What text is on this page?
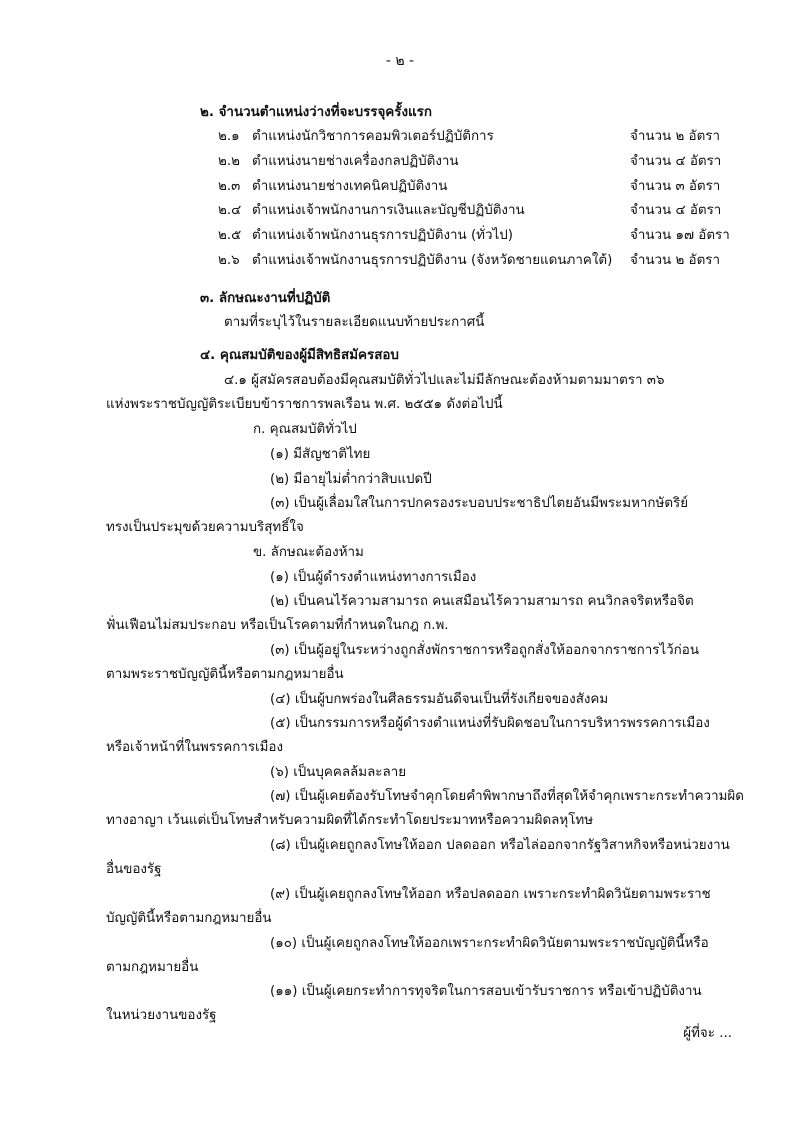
- ๒ -
๒. จำนวนตำแหน่งว่างที่จะบรรจุครั้งแรก
๒.๑ ตำแหน่งนักวิชาการคอมพิวเตอร์ปฏิบัติการ	จำนวน ๒ อัตรา
๒.๒ ตำแหน่งนายช่างเครื่องกลปฏิบัติงาน	จำนวน ๔ อัตรา
๒.๓ ตำแหน่งนายช่างเทคนิคปฏิบัติงาน	จำนวน ๓ อัตรา
๒.๔ ตำแหน่งเจ้าพนักงานการเงินและบัญชีปฏิบัติงาน	จำนวน ๔ อัตรา
๒.๕ ตำแหน่งเจ้าพนักงานธุรการปฏิบัติงาน (ทั่วไป)	จำนวน ๑๗ อัตรา
๒.๖ ตำแหน่งเจ้าพนักงานธุรการปฏิบัติงาน (จังหวัดชายแดนภาคใต้) จำนวน ๒ อัตรา
๓. ลักษณะงานที่ปฏิบัติ
ตามที่ระบุไว้ในรายละเอียดแนบท้ายประกาศนี้
๔. คุณสมบัติของผู้มีสิทธิสมัครสอบ
๔.๑ ผู้สมัครสอบต้องมีคุณสมบัติทั่วไปและไม่มีลักษณะต้องห้ามตามมาตรา ๓๖
แห่งพระราชบัญญัติระเบียบข้าราชการพลเรือน พ.ศ. ๒๕๕๑ ดังต่อไปนี้
ก. คุณสมบัติทั่วไป
(๑) มีสัญชาติไทย
(๒) มีอายุไม่ต่ำกว่าสิบแปดปี
(๓) เป็นผู้เลื่อมใสในการปกครองระบอบประชาธิปไตยอันมีพระมหากษัตริย์
ทรงเป็นประมุขด้วยความบริสุทธิ์ใจ
ข. ลักษณะต้องห้าม
(๑) เป็นผู้ดำรงตำแหน่งทางการเมือง
(๒) เป็นคนไร้ความสามารถ คนเสมือนไร้ความสามารถ คนวิกลจริตหรือจิต
ฟั่นเฟือนไม่สมประกอบ หรือเป็นโรคตามที่กำหนดในกฎ ก.พ.
(๓) เป็นผู้อยู่ในระหว่างถูกสั่งพักราชการหรือถูกสั่งให้ออกจากราชการไว้ก่อน
ตามพระราชบัญญัตินี้หรือตามกฎหมายอื่น
(๔) เป็นผู้บกพร่องในศีลธรรมอันดีจนเป็นที่รังเกียจของสังคม
(๕) เป็นกรรมการหรือผู้ดำรงตำแหน่งที่รับผิดชอบในการบริหารพรรคการเมือง
หรือเจ้าหน้าที่ในพรรคการเมือง
(๖) เป็นบุคคลล้มละลาย
(๗) เป็นผู้เคยต้องรับโทษจำคุกโดยคำพิพากษาถึงที่สุดให้จำคุกเพราะกระทำความผิด
ทางอาญา เว้นแต่เป็นโทษสำหรับความผิดที่ได้กระทำโดยประมาทหรือความผิดลหุโทษ
(๘) เป็นผู้เคยถูกลงโทษให้ออก ปลดออก หรือไล่ออกจากรัฐวิสาหกิจหรือหน่วยงาน
อื่นของรัฐ
(๙) เป็นผู้เคยถูกลงโทษให้ออก หรือปลดออก เพราะกระทำผิดวินัยตามพระราช
บัญญัตินี้หรือตามกฎหมายอื่น
(๑๐) เป็นผู้เคยถูกลงโทษให้ออกเพราะกระทำผิดวินัยตามพระราชบัญญัตินี้หรือ
ตามกฎหมายอื่น
(๑๑) เป็นผู้เคยกระทำการทุจริตในการสอบเข้ารับราชการ หรือเข้าปฏิบัติงาน
ในหน่วยงานของรัฐ
ผู้ที่จะ ...
